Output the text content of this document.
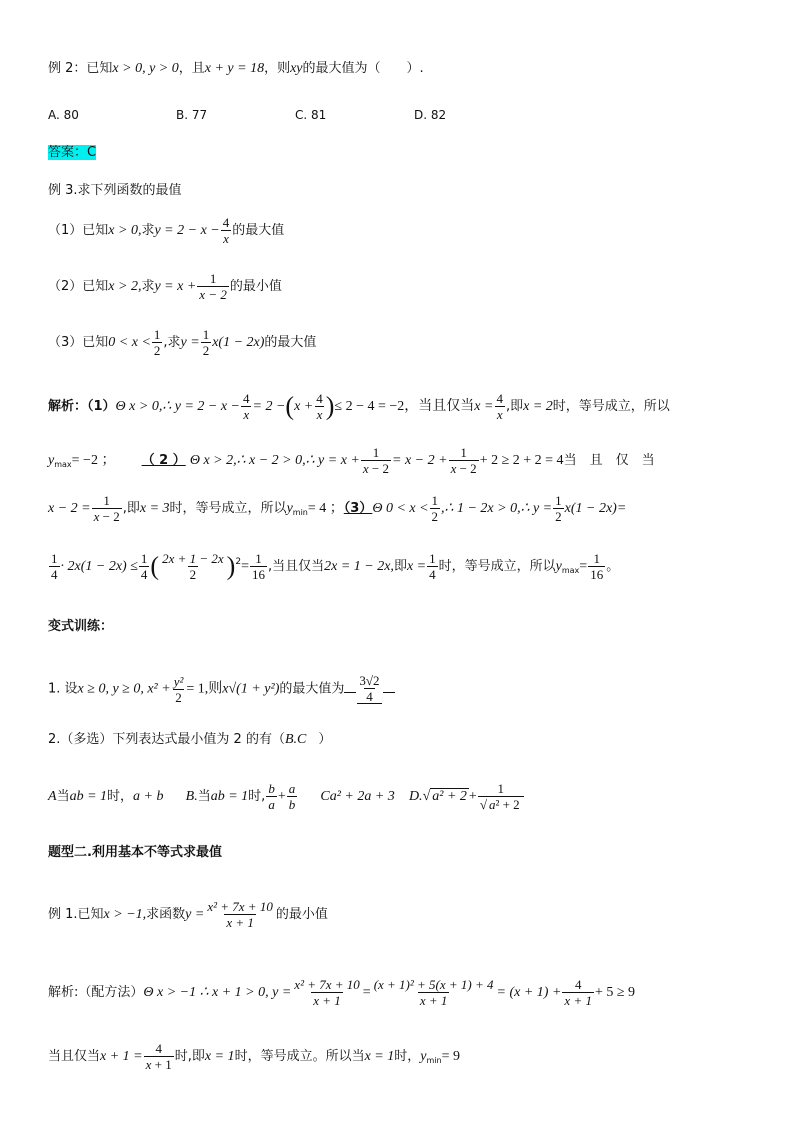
例 2：已知x > 0, y > 0，且x + y = 18，则xy的最大值为（　　）.
A. 80	B. 77	C. 81	D. 82
答案：C
例 3.求下列函数的最值
（1）已知x > 0,求$y = 2 - x - \frac{4}{x}$ 的最大值
（2）已知x > 2,求$y = x + \frac{1}{x - 2}$ 的最小值
（3）已知$0 < x < \frac{1}{2}$ ,求$y = \frac{1}{2} x(1 - 2x)$的最大值
解析：（1）Θ x > 0,∴ $y = 2 - x - \frac{4}{x} = 2 -(x + \frac{4}{x}$ )≤ 2 − 4 = −2，当且仅当$x = \frac{4}{x}$ ,即x = 2时，等号成立，所以
$y_{max}= -2$ ； （ 2 ） Θ x > 2,∴ x − 2 > 0,∴ $y = x + \frac{1}{x - 2} = x - 2 + \frac{1}{x - 2} + 2 \ge 2 + 2 = 4$当　且　仅　当
$x - 2 = \frac{1}{x - 2}$ ,即x = 3时，等号成立，所以$y_{min}= 4$ ；（3）Θ $0 < x < \frac{1}{2}$ ,∴ 1 − 2x > 0,∴ $y = \frac{1}{2} x(1 - 2x)=$
$\frac{1}{4} \cdot 2x(1 - 2x) \le \frac{1}{4}$ ( $\frac{2x + 1 - 2x}{2} )^2= \frac{1}{16}$ ,当且仅当2x = 1 − 2x,即$x = \frac{1}{4}$ 时，等号成立，所以$y_{max}= \frac{1}{16}$ 。
变式训练：
1. 设x ≥ 0, y ≥ 0, $x^2 + \frac{\text{y²}}{2} = 1$,则x√(1 + y²)的最大值为 $\frac{3√2}{4}$
2.（多选）下列表达式最小值为 2 的有（B.C ）
A当ab = 1时，a + b B.当ab = 1时, $\frac{b}{a} + \frac{a}{b} Ca^2 + 2a + 3$ D.√ $a^2 + 2 + \frac{1}{\text{√ a² + 2}}$
题型二.利用基本不等式求最值
例 1.已知x > −1,求函数$y = \frac{\text{x² + 7x + 10}}{x + 1}$ 的最小值
解析:（配方法）Θ x > −1 ∴ x + 1 > 0, $y = \frac{\text{x² + 7x + 10}}{x + 1} = \frac{\text{(x + 1)² + 5(x + 1) + 4}}{x + 1} = (x + 1) + \frac{4}{x + 1} + 5 \ge 9$
当且仅当$x + 1 = \frac{4}{x + 1}$ 时,即x = 1时，等号成立。所以当x = 1时，$y_{min}= 9$
